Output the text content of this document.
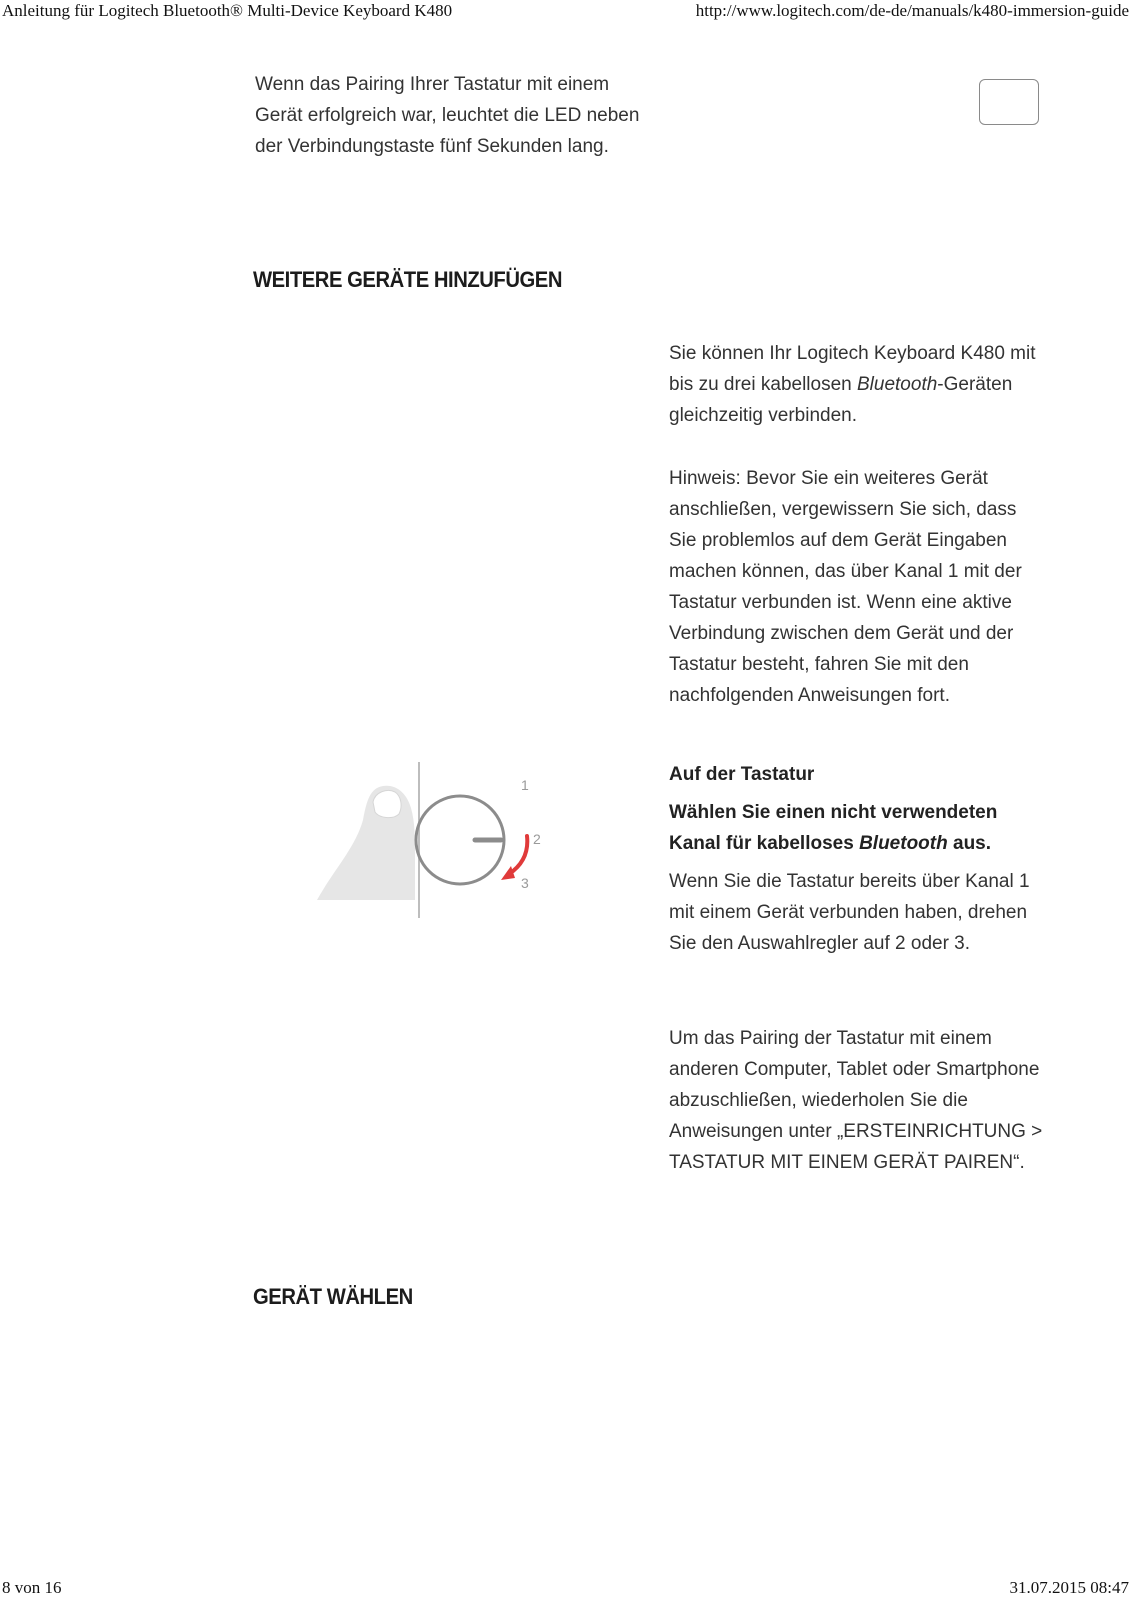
Anleitung für Logitech Bluetooth® Multi-Device Keyboard K480	http://www.logitech.com/de-de/manuals/k480-immersion-guide

Wenn das Pairing Ihrer Tastatur mit einem Gerät erfolgreich war, leuchtet die LED neben der Verbindungstaste fünf Sekunden lang.

WEITERE GERÄTE HINZUFÜGEN

Sie können Ihr Logitech Keyboard K480 mit bis zu drei kabellosen Bluetooth-Geräten gleichzeitig verbinden.

Hinweis: Bevor Sie ein weiteres Gerät anschließen, vergewissern Sie sich, dass Sie problemlos auf dem Gerät Eingaben machen können, das über Kanal 1 mit der Tastatur verbunden ist. Wenn eine aktive Verbindung zwischen dem Gerät und der Tastatur besteht, fahren Sie mit den nachfolgenden Anweisungen fort.

Auf der Tastatur

Wählen Sie einen nicht verwendeten Kanal für kabelloses Bluetooth aus.

Wenn Sie die Tastatur bereits über Kanal 1 mit einem Gerät verbunden haben, drehen Sie den Auswahlregler auf 2 oder 3.

Um das Pairing der Tastatur mit einem anderen Computer, Tablet oder Smartphone abzuschließen, wiederholen Sie die Anweisungen unter „ERSTEINRICHTUNG > TASTATUR MIT EINEM GERÄT PAIREN“.

1
2
3
GERÄT WÄHLEN
8 von 16	31.07.2015 08:47
